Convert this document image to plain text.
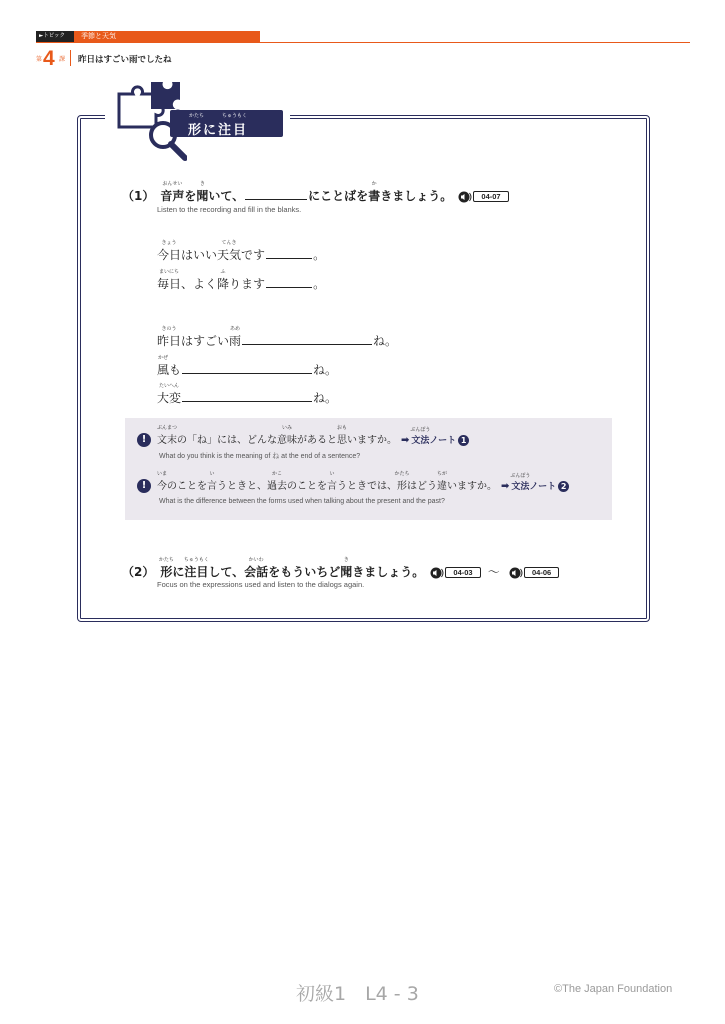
►トピック	季節と天気
第 4 課 昨日はすごい雨でしたね
かたち	ちゅうもく
形に注目
（1）
おんせい
音声を
き
聞いて、	にことばを
か
書きましょう。	04-07
Listen to the recording and fill in the blanks.
きょう
今日はいい
てんき
天気です	。
まいにち
毎日、よく
ふ
降ります	。
きのう
昨日はすごい
あめ
雨	ね。
かぜ
風も	ね。
たいへん
大変	ね。
!
ぶんまつ
文末の「ね」には、どんな
いみ
意味があると
おも
思いますか。 ➡
ぶんぽう
文法ノート 1
What do you think is the meaning of ね at the end of a sentence?
!
いま
今のことを
い
言うときと、
かこ
過去のことを
い
言うときでは、
かたち
形はどう
ちが
違いますか。 ➡
ぶんぽう
文法ノート 2
What is the difference between the forms used when talking about the present and the past?
（2）
かたち
形に
ちゅうもく
注目して、
かいわ
会話をもういちど
き
聞きましょう。	04-03	〜	04-06
Focus on the expressions used and listen to the dialogs again.
初級1　L4 - 3	©The Japan Foundation
